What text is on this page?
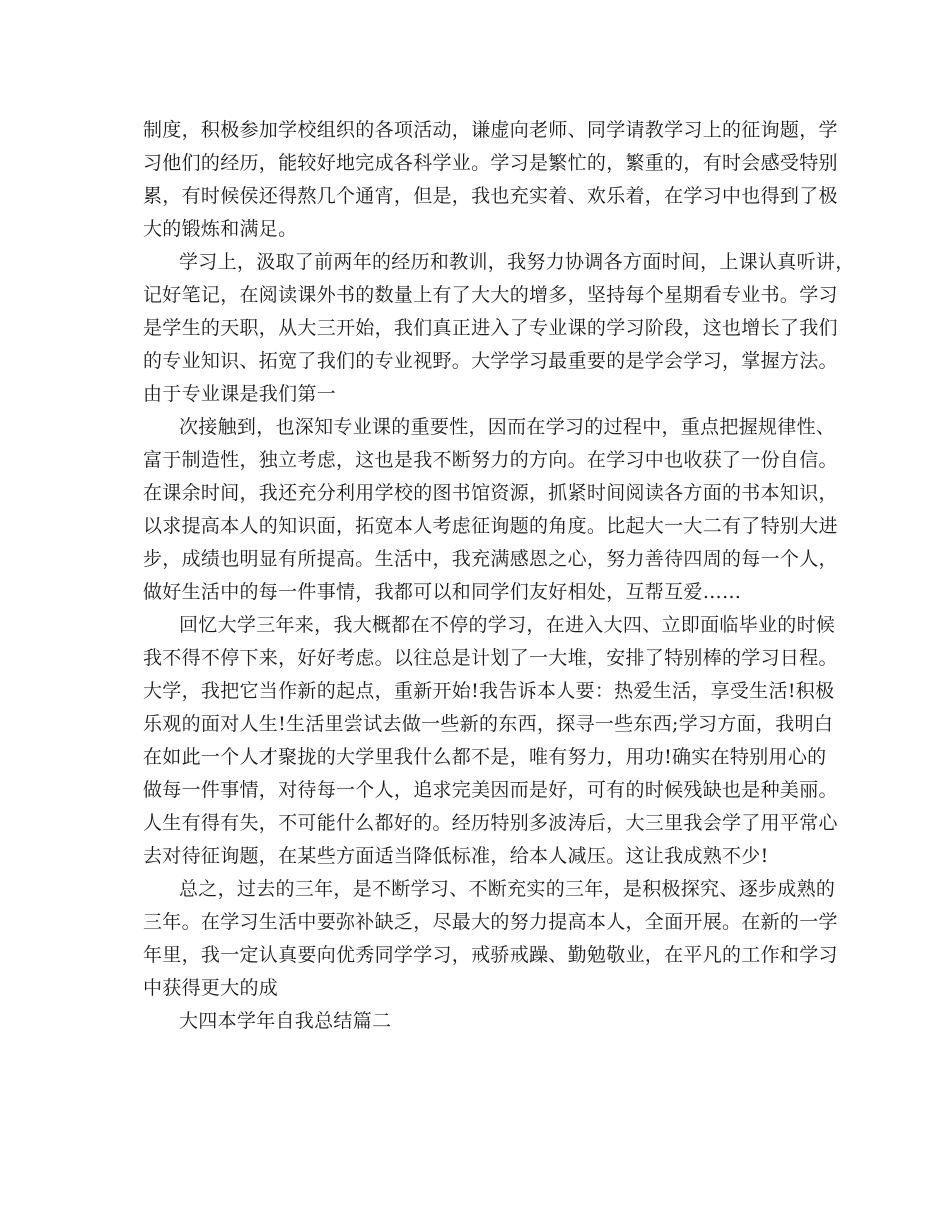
制度，积极参加学校组织的各项活动，谦虚向老师、同学请教学习上的征询题，学
习他们的经历，能较好地完成各科学业。学习是繁忙的，繁重的，有时会感受特别
累，有时候侯还得熬几个通宵，但是，我也充实着、欢乐着，在学习中也得到了极
大的锻炼和满足。
学习上，汲取了前两年的经历和教训，我努力协调各方面时间，上课认真听讲，
记好笔记，在阅读课外书的数量上有了大大的增多，坚持每个星期看专业书。学习
是学生的天职，从大三开始，我们真正进入了专业课的学习阶段，这也增长了我们
的专业知识、拓宽了我们的专业视野。大学学习最重要的是学会学习，掌握方法。
由于专业课是我们第一
次接触到，也深知专业课的重要性，因而在学习的过程中，重点把握规律性、
富于制造性，独立考虑，这也是我不断努力的方向。在学习中也收获了一份自信。
在课余时间，我还充分利用学校的图书馆资源，抓紧时间阅读各方面的书本知识，
以求提高本人的知识面，拓宽本人考虑征询题的角度。比起大一大二有了特别大进
步，成绩也明显有所提高。生活中，我充满感恩之心，努力善待四周的每一个人，
做好生活中的每一件事情，我都可以和同学们友好相处，互帮互爱……
回忆大学三年来，我大概都在不停的学习，在进入大四、立即面临毕业的时候
我不得不停下来，好好考虑。以往总是计划了一大堆，安排了特别棒的学习日程。
大学，我把它当作新的起点，重新开始!我告诉本人要：热爱生活，享受生活!积极
乐观的面对人生!生活里尝试去做一些新的东西，探寻一些东西;学习方面，我明白
在如此一个人才聚拢的大学里我什么都不是，唯有努力，用功!确实在特别用心的
做每一件事情，对待每一个人，追求完美因而是好，可有的时候残缺也是种美丽。
人生有得有失，不可能什么都好的。经历特别多波涛后，大三里我会学了用平常心
去对待征询题，在某些方面适当降低标准，给本人减压。这让我成熟不少!
总之，过去的三年，是不断学习、不断充实的三年，是积极探究、逐步成熟的
三年。在学习生活中要弥补缺乏，尽最大的努力提高本人，全面开展。在新的一学
年里，我一定认真要向优秀同学学习，戒骄戒躁、勤勉敬业，在平凡的工作和学习
中获得更大的成
大四本学年自我总结篇二
